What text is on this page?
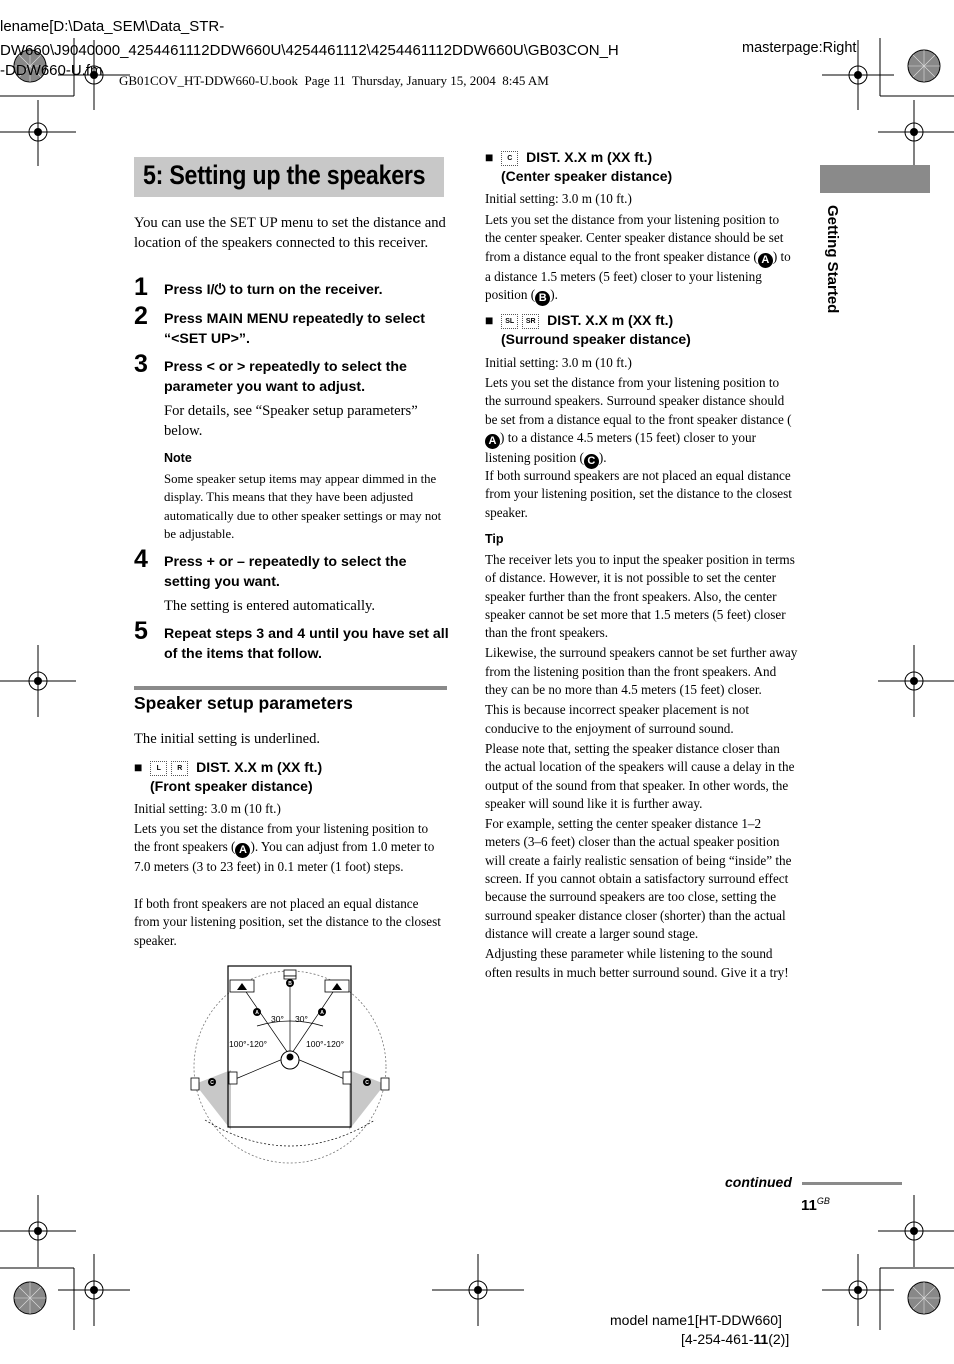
lename[D:\Data_SEM\Data_STR-
DW660\J9040000_4254461112DDW660U\4254461112\4254461112DDW660U\GB03CON_H
-DDW660-U.fm
masterpage:Right
GB01COV_HT-DDW660-U.book  Page 11  Thursday, January 15, 2004  8:45 AM
Getting Started
5: Setting up the speakers

You can use the SET UP menu to set the distance and location of the speakers connected to this receiver.

1 Press I/⏻ to turn on the receiver.
2 Press MAIN MENU repeatedly to select “<SET UP>”.
3 Press < or > repeatedly to select the parameter you want to adjust.

For details, see “Speaker setup parameters” below.

Note

Some speaker setup items may appear dimmed in the display. This means that they have been adjusted automatically due to other speaker settings or may not be adjustable.

4 Press + or – repeatedly to select the setting you want.

The setting is entered automatically.

5 Repeat steps 3 and 4 until you have set all of the items that follow.
Speaker setup parameters

The initial setting is underlined.

■  L R DIST. X.X m (XX ft.)
(Front speaker distance)

Initial setting: 3.0 m (10 ft.)

Lets you set the distance from your listening position to the front speakers ( A ). You can adjust from 1.0 meter to 7.0 meters (3 to 23 feet) in 0.1 meter (1 foot) steps.

If both front speakers are not placed an equal distance from your listening position, set the distance to the closest speaker.

A	A
B
C	C
30° 30°
100°-120°	100°-120°
■  C DIST. X.X m (XX ft.)
(Center speaker distance)

Initial setting: 3.0 m (10 ft.)

Lets you set the distance from your listening position to the center speaker. Center speaker distance should be set from a distance equal to the front speaker distance ( A ) to a distance 1.5 meters (5 feet) closer to your listening position ( B ).

■  SL SR DIST. X.X m (XX ft.)
(Surround speaker distance)

Initial setting: 3.0 m (10 ft.)

Lets you set the distance from your listening position to the surround speakers. Surround speaker distance should be set from a distance equal to the front speaker distance (A ) to a distance 4.5 meters (15 feet) closer to your listening position ( C ).

If both surround speakers are not placed an equal distance from your listening position, set the distance to the closest speaker.

Tip

The receiver lets you to input the speaker position in terms of distance. However, it is not possible to set the center speaker further than the front speakers. Also, the center speaker cannot be set more that 1.5 meters (5 feet) closer than the front speakers.

Likewise, the surround speakers cannot be set further away from the listening position than the front speakers. And they can be no more than 4.5 meters (15 feet) closer.

This is because incorrect speaker placement is not conducive to the enjoyment of surround sound.

Please note that, setting the speaker distance closer than the actual location of the speakers will cause a delay in the output of the sound from that speaker. In other words, the speaker will sound like it is further away.

For example, setting the center speaker distance 1–2 meters (3–6 feet) closer than the actual speaker position will create a fairly realistic sensation of being “inside” the screen. If you cannot obtain a satisfactory surround effect because the surround speakers are too close, setting the surround speaker distance closer (shorter) than the actual distance will create a larger sound stage.

Adjusting these parameter while listening to the sound often results in much better surround sound. Give it a try!

continued
$11^{GB}$
model name1[HT-DDW660]
[4-254-461-11(2)]
